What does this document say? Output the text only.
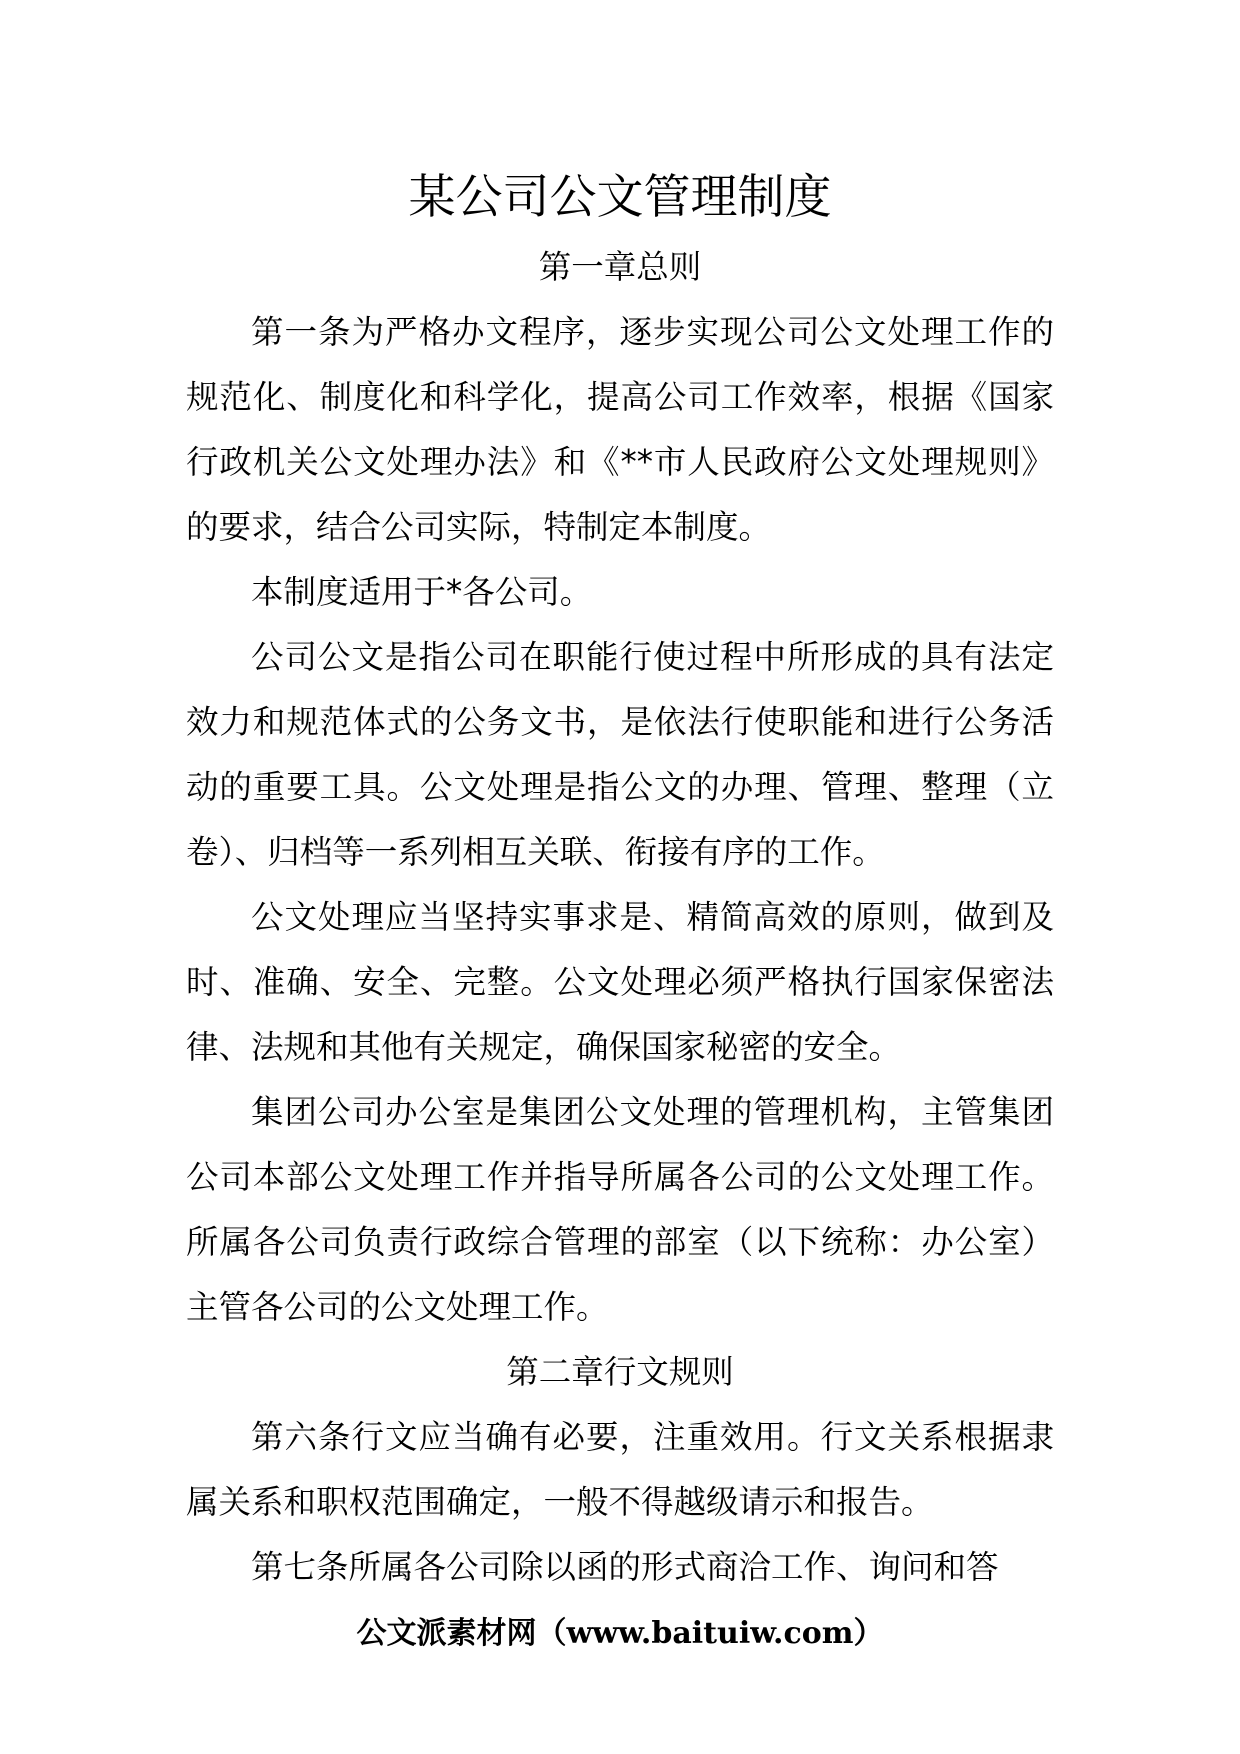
某公司公文管理制度
第一章总则

第一条为严格办文程序，逐步实现公司公文处理工作的规范化、制度化和科学化，提高公司工作效率，根据《国家行政机关公文处理办法》和《**市人民政府公文处理规则》的要求，结合公司实际，特制定本制度。

本制度适用于*各公司。

公司公文是指公司在职能行使过程中所形成的具有法定效力和规范体式的公务文书，是依法行使职能和进行公务活动的重要工具。公文处理是指公文的办理、管理、整理（立卷）、归档等一系列相互关联、衔接有序的工作。

公文处理应当坚持实事求是、精简高效的原则，做到及时、准确、安全、完整。公文处理必须严格执行国家保密法律、法规和其他有关规定，确保国家秘密的安全。

集团公司办公室是集团公文处理的管理机构，主管集团公司本部公文处理工作并指导所属各公司的公文处理工作。所属各公司负责行政综合管理的部室（以下统称：办公室）主管各公司的公文处理工作。

第二章行文规则

第六条行文应当确有必要，注重效用。行文关系根据隶属关系和职权范围确定，一般不得越级请示和报告。

第七条所属各公司除以函的形式商洽工作、询问和答

公文派素材网（www.baituiw.com）
